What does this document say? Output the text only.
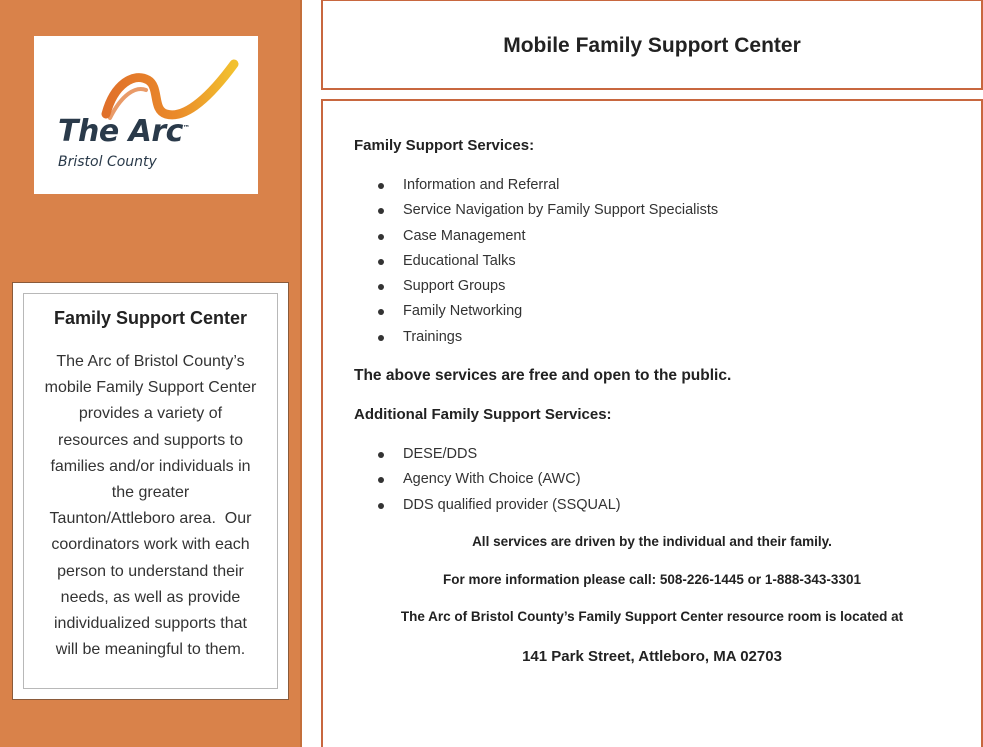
The Arc™
Bristol County
Family Support Center
The Arc of Bristol County’s
mobile Family Support Center
provides a variety of
resources and supports to
families and/or individuals in
the greater
Taunton/Attleboro area.  Our
coordinators work with each
person to understand their
needs, as well as provide
individualized supports that
will be meaningful to them.
Mobile Family Support Center
Family Support Services:
Information and Referral
Service Navigation by Family Support Specialists
Case Management
Educational Talks
Support Groups
Family Networking
Trainings
The above services are free and open to the public.
Additional Family Support Services:
DESE/DDS
Agency With Choice (AWC)
DDS qualified provider (SSQUAL)
All services are driven by the individual and their family.
For more information please call: 508-226-1445 or 1-888-343-3301
The Arc of Bristol County’s Family Support Center resource room is located at
141 Park Street, Attleboro, MA 02703
